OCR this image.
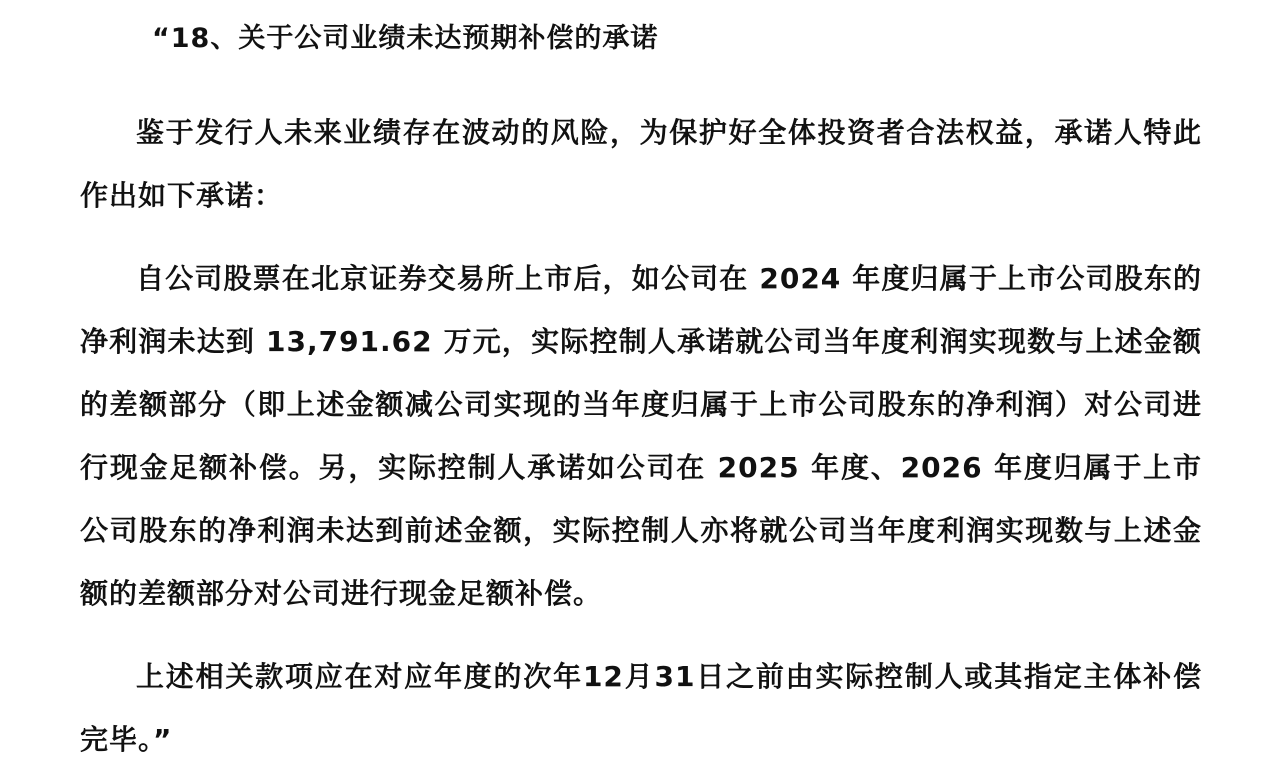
“18、关于公司业绩未达预期补偿的承诺

鉴于发行人未来业绩存在波动的风险，为保护好全体投资者合法权益，承诺人特此作出如下承诺：

自公司股票在北京证券交易所上市后，如公司在 2024 年度归属于上市公司股东的净利润未达到 13,791.62 万元，实际控制人承诺就公司当年度利润实现数与上述金额的差额部分（即上述金额减公司实现的当年度归属于上市公司股东的净利润）对公司进行现金足额补偿。另，实际控制人承诺如公司在 2025 年度、2026 年度归属于上市公司股东的净利润未达到前述金额，实际控制人亦将就公司当年度利润实现数与上述金额的差额部分对公司进行现金足额补偿。

上述相关款项应在对应年度的次年12月31日之前由实际控制人或其指定主体补偿完毕。”
